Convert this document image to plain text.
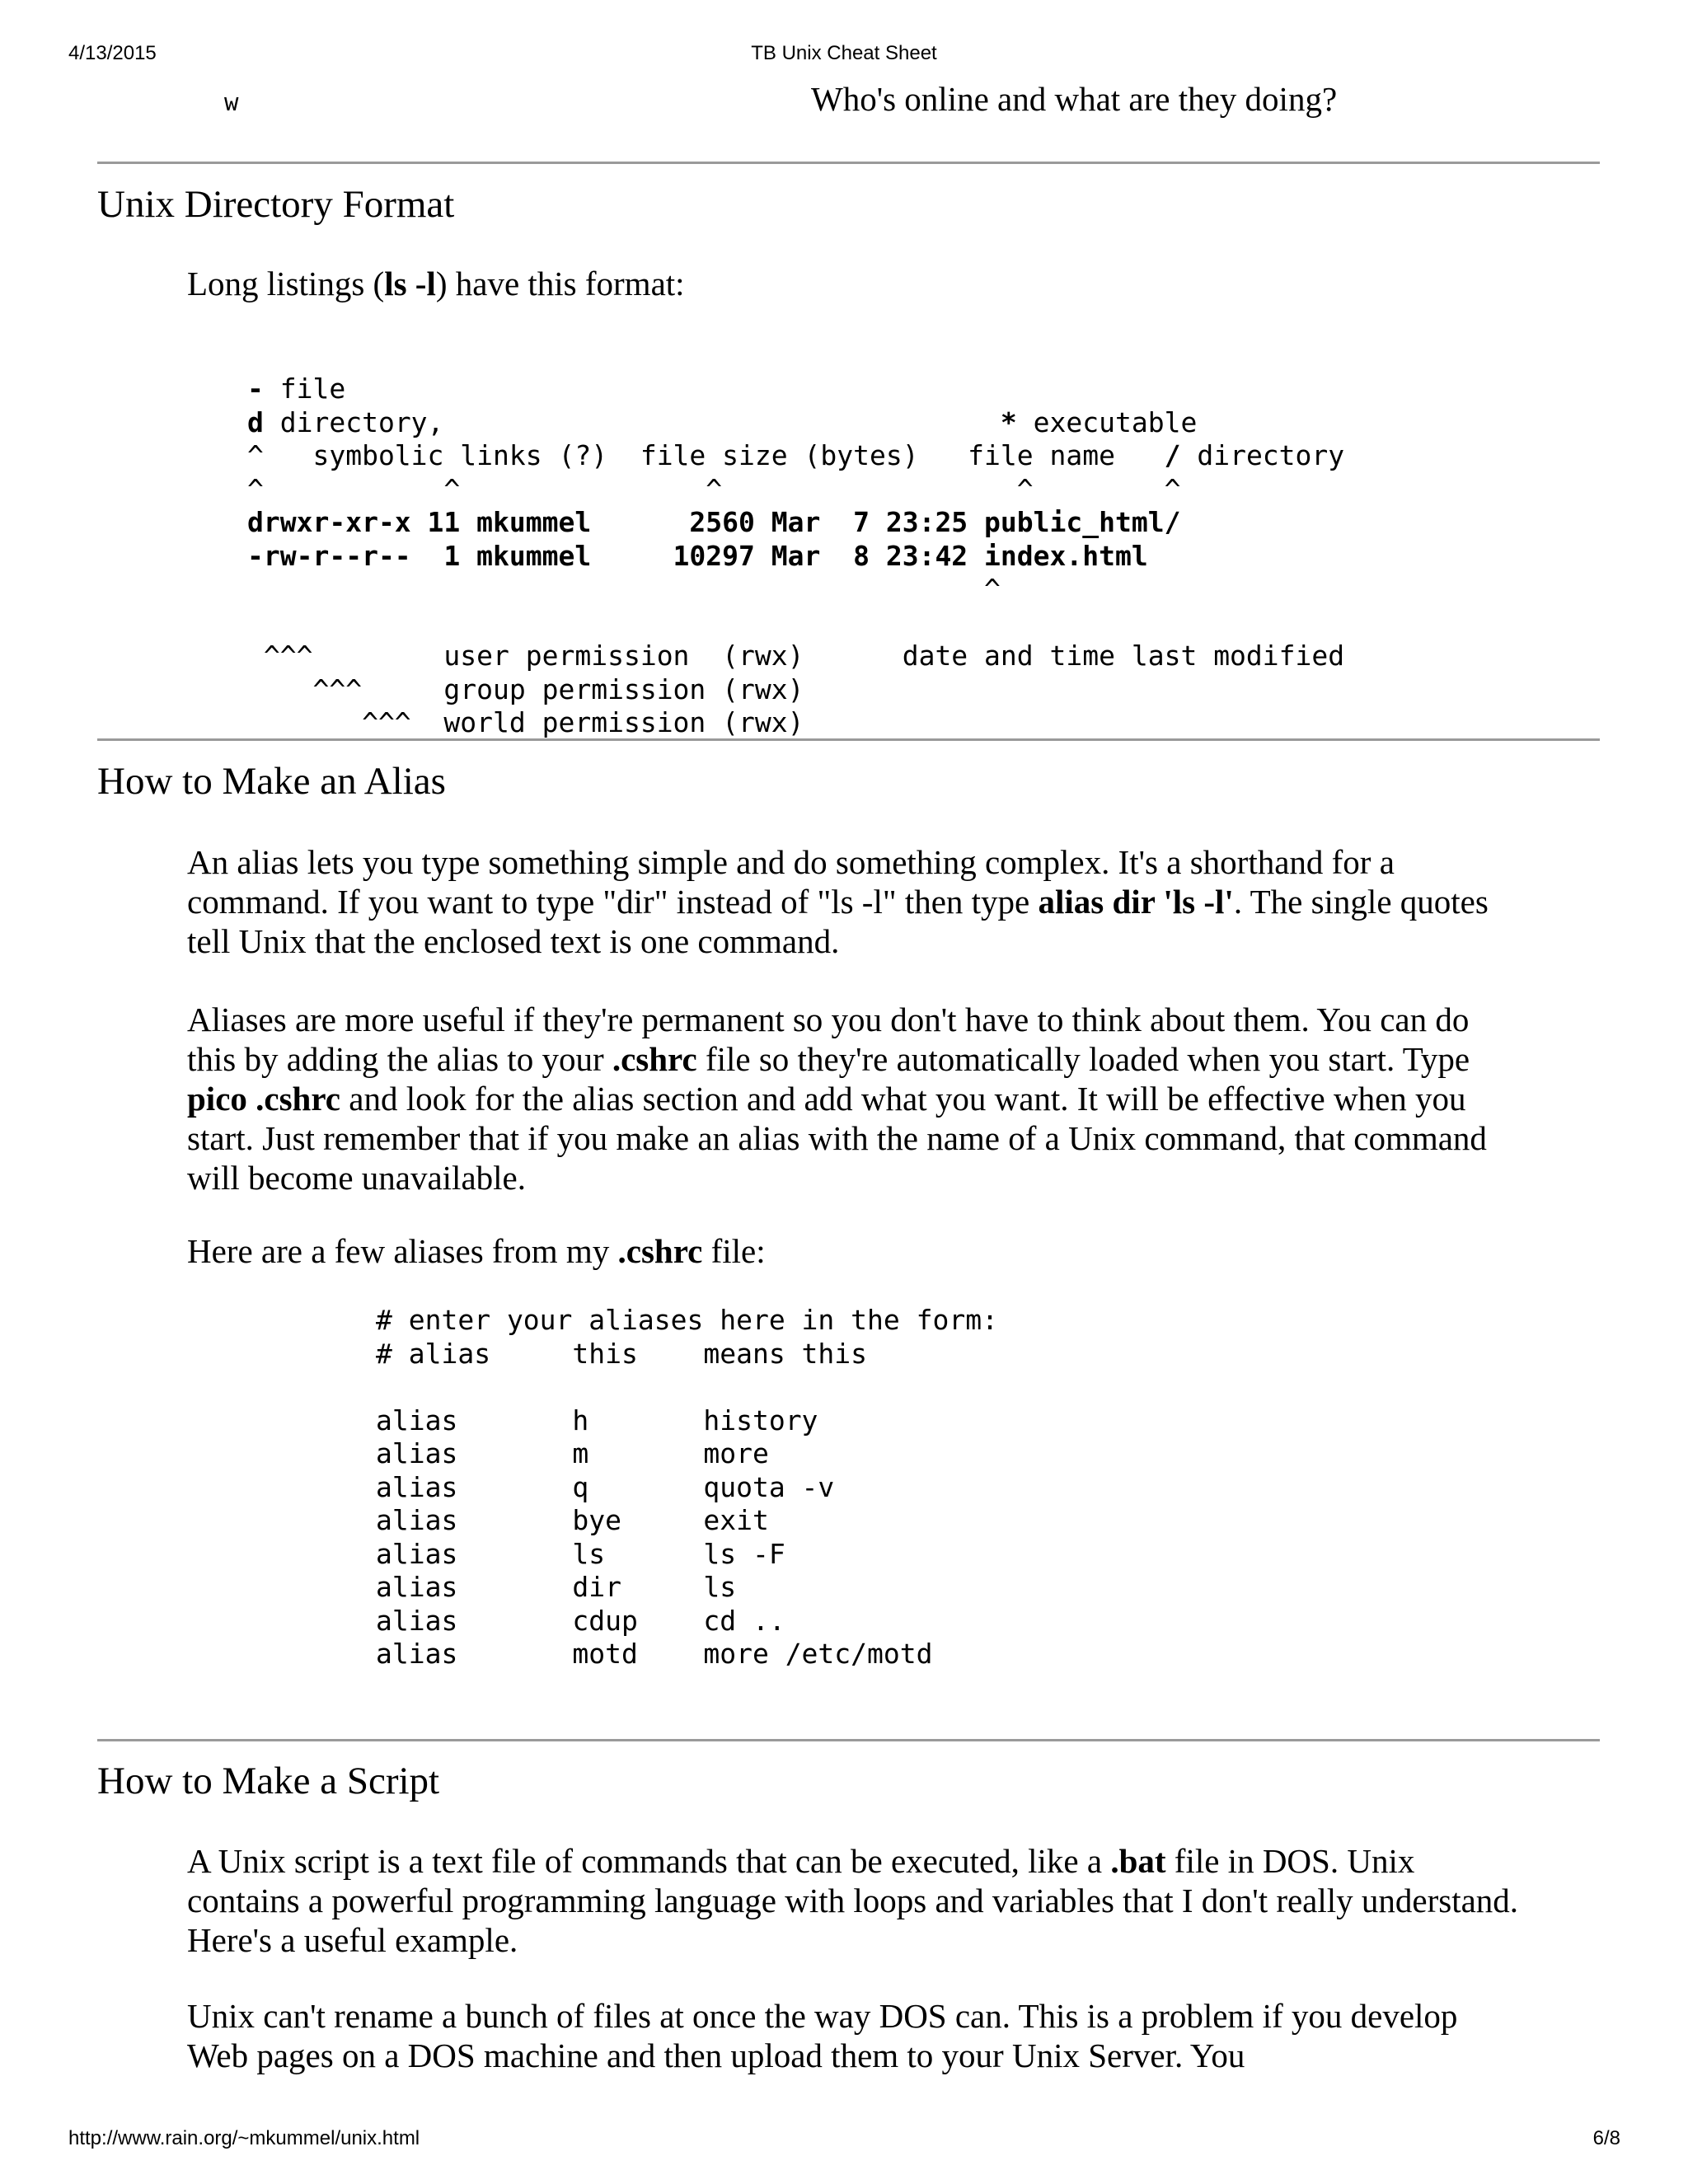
4/13/2015	TB Unix Cheat Sheet
w	Who's online and what are they doing?
Unix Directory Format

Long listings (ls -l) have this format:

- file
d directory,                                  * executable
^   symbolic links (?)  file size (bytes)   file name   / directory
^           ^               ^                  ^        ^
drwxr-xr-x 11 mkummel      2560 Mar  7 23:25 public_html/
-rw-r--r--  1 mkummel     10297 Mar  8 23:42 index.html
^

^^^        user permission  (rwx)      date and time last modified
^^^     group permission (rwx)
^^^  world permission (rwx)
How to Make an Alias

An alias lets you type something simple and do something complex. It's a shorthand for a command. If you want to type "dir" instead of "ls -l" then type alias dir 'ls -l'. The single quotes tell Unix that the enclosed text is one command.

Aliases are more useful if they're permanent so you don't have to think about them. You can do this by adding the alias to your .cshrc file so they're automatically loaded when you start. Type pico .cshrc and look for the alias section and add what you want. It will be effective when you start. Just remember that if you make an alias with the name of a Unix command, that command will become unavailable.

Here are a few aliases from my .cshrc file:

# enter your aliases here in the form:
# alias     this    means this

alias       h       history
alias       m       more
alias       q       quota -v
alias       bye     exit
alias       ls      ls -F
alias       dir     ls
alias       cdup    cd ..
alias       motd    more /etc/motd
How to Make a Script

A Unix script is a text file of commands that can be executed, like a .bat file in DOS. Unix contains a powerful programming language with loops and variables that I don't really understand. Here's a useful example.

Unix can't rename a bunch of files at once the way DOS can. This is a problem if you develop Web pages on a DOS machine and then upload them to your Unix Server. You

http://www.rain.org/~mkummel/unix.html	6/8
